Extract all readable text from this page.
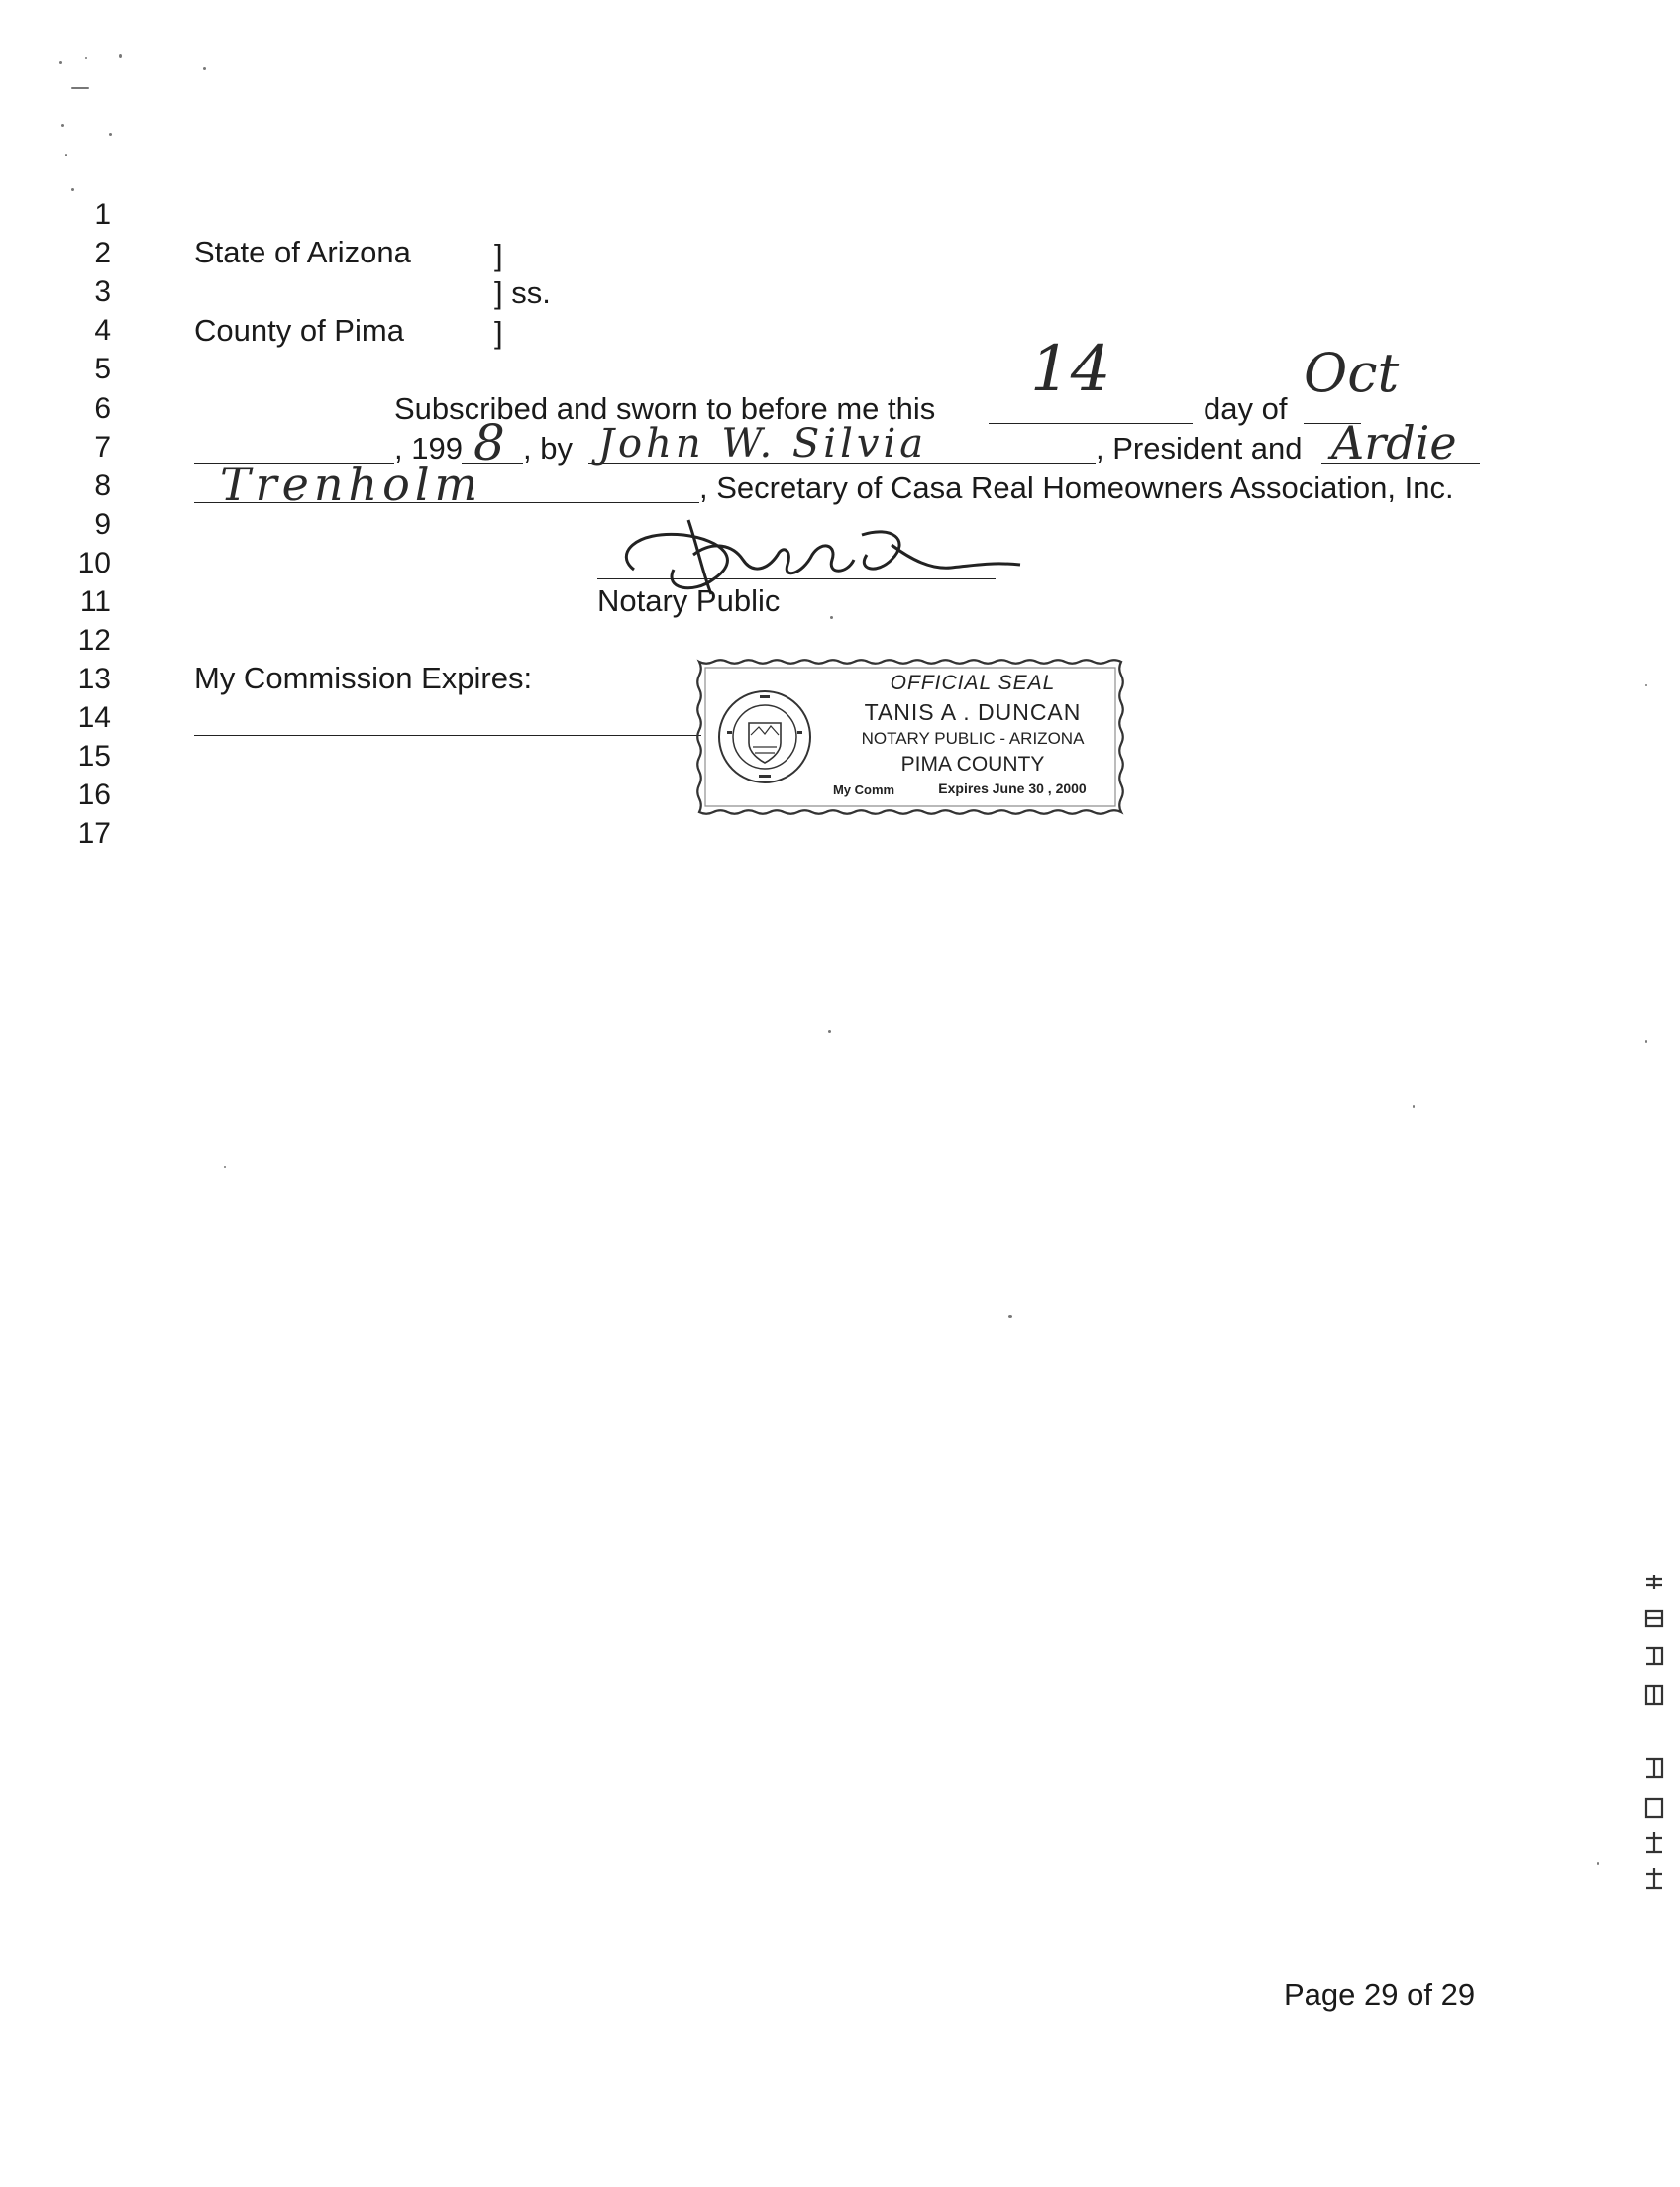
1
2
3
4
5
6
7
8
9
10
11
12
13
14
15
16
17
State of Arizona	]
] ss.
County of Pima	]
Subscribed and sworn to before me this
14
day of
Oct
, 199 8 , by John W. Silvia	, President and Ardie
Trenholm	, Secretary of Casa Real Homeowners Association, Inc.
Notary Public
My Commission Expires:	OFFICIAL SEAL
TANIS A . DUNCAN
NOTARY PUBLIC - ARIZONA
PIMA COUNTY
My Comm	Expires June 30 , 2000
Page 29 of 29
